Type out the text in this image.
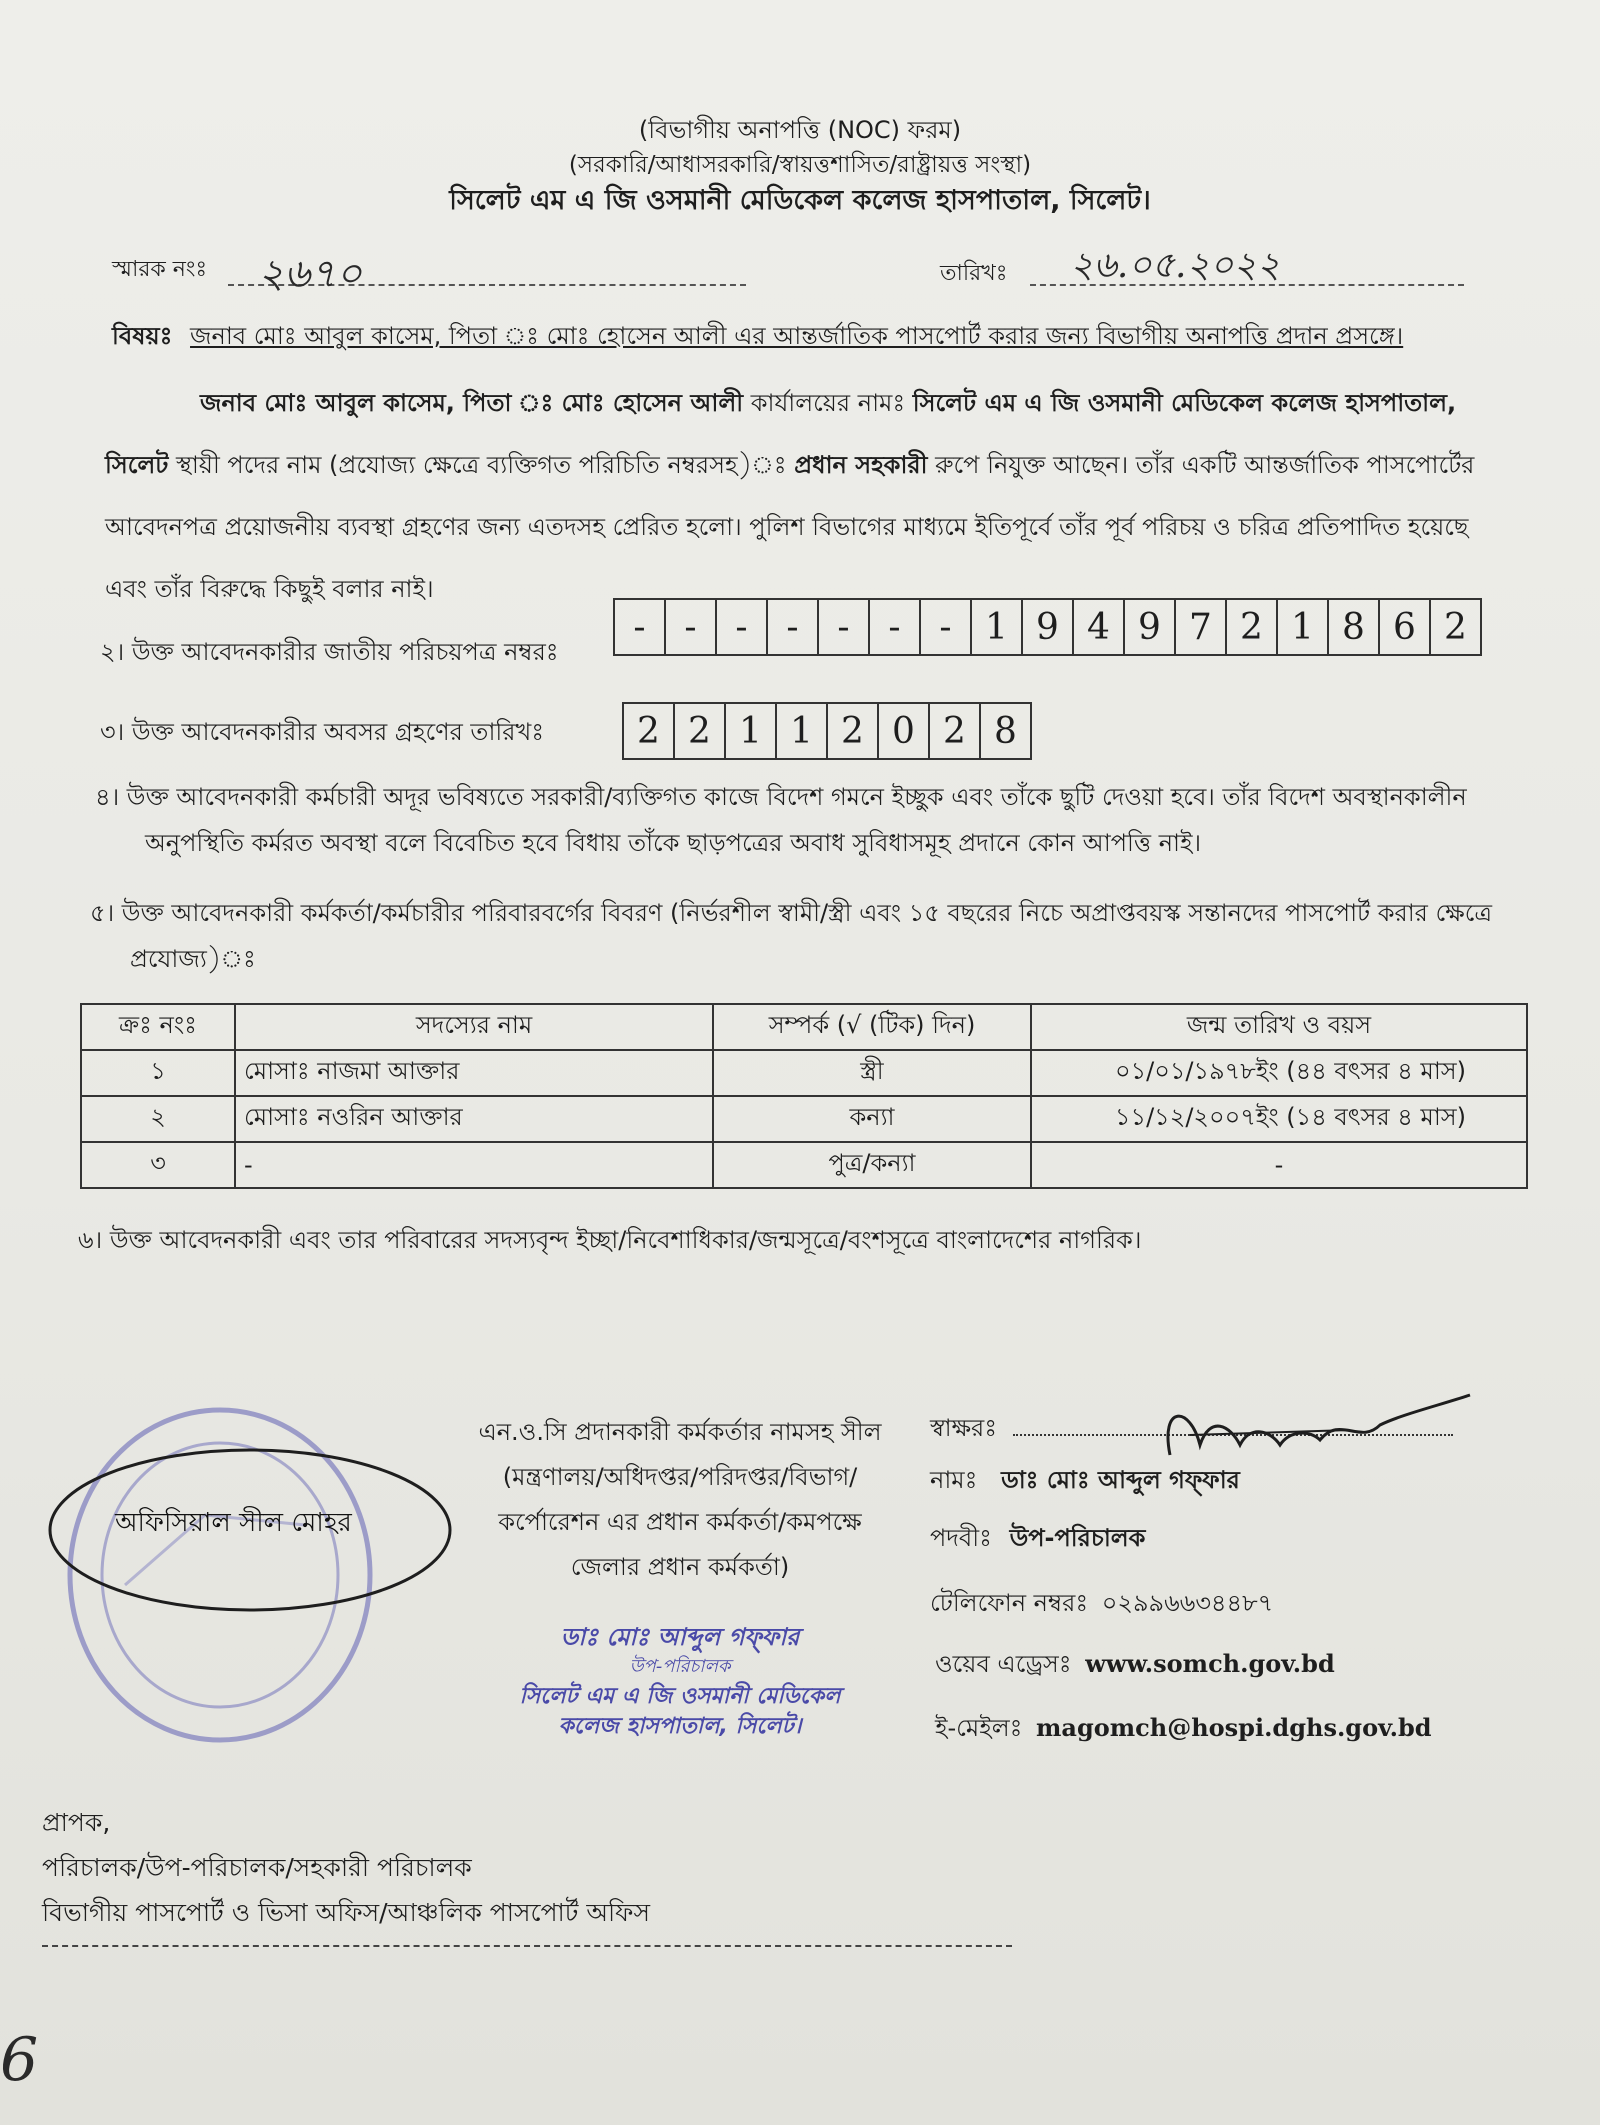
(বিভাগীয় অনাপত্তি (NOC) ফরম)
(সরকারি/আধাসরকারি/স্বায়ত্তশাসিত/রাষ্ট্রায়ত্ত সংস্থা)
সিলেট এম এ জি ওসমানী মেডিকেল কলেজ হাসপাতাল, সিলেট।
স্মারক নংঃ ২৬৭০	তারিখঃ ২৬.০৫.২০২২
বিষয়ঃ জনাব মোঃ আবুল কাসেম, পিতা ঃ মোঃ হোসেন আলী এর আন্তর্জাতিক পাসপোর্ট করার জন্য বিভাগীয় অনাপত্তি প্রদান প্রসঙ্গে।
জনাব মোঃ আবুল কাসেম, পিতা ঃ মোঃ হোসেন আলী কার্যালয়ের নামঃ সিলেট এম এ জি ওসমানী মেডিকেল কলেজ হাসপাতাল, সিলেট স্থায়ী পদের নাম (প্রযোজ্য ক্ষেত্রে ব্যক্তিগত পরিচিতি নম্বরসহ)ঃ প্রধান সহকারী রুপে নিযুক্ত আছেন। তাঁর একটি আন্তর্জাতিক পাসপোর্টের আবেদনপত্র প্রয়োজনীয় ব্যবস্থা গ্রহণের জন্য এতদসহ প্রেরিত হলো। পুলিশ বিভাগের মাধ্যমে ইতিপূর্বে তাঁর পূর্ব পরিচয় ও চরিত্র প্রতিপাদিত হয়েছে এবং তাঁর বিরুদ্ধে কিছুই বলার নাই।
২। উক্ত আবেদনকারীর জাতীয় পরিচয়পত্র নম্বরঃ
-	-	-	-	-	-	- 1 9 4 9 7 2 1 8 6 2
৩। উক্ত আবেদনকারীর অবসর গ্রহণের তারিখঃ	2 2 1 1 2 0 2 8
৪। উক্ত আবেদনকারী কর্মচারী অদূর ভবিষ্যতে সরকারী/ব্যক্তিগত কাজে বিদেশ গমনে ইচ্ছুক এবং তাঁকে ছুটি দেওয়া হবে। তাঁর বিদেশ অবস্থানকালীন অনুপস্থিতি কর্মরত অবস্থা বলে বিবেচিত হবে বিধায় তাঁকে ছাড়পত্রের অবাধ সুবিধাসমূহ প্রদানে কোন আপত্তি নাই।
৫। উক্ত আবেদনকারী কর্মকর্তা/কর্মচারীর পরিবারবর্গের বিবরণ (নির্ভরশীল স্বামী/স্ত্রী এবং ১৫ বছরের নিচে অপ্রাপ্তবয়স্ক সন্তানদের পাসপোর্ট করার ক্ষেত্রে প্রযোজ্য)ঃ
ক্রঃ নংঃ	সদস্যের নাম	সম্পর্ক (√ (টিক) দিন)	জন্ম তারিখ ও বয়স
১	মোসাঃ নাজমা আক্তার	স্ত্রী	০১/০১/১৯৭৮ইং (৪৪ বৎসর ৪ মাস)
২	মোসাঃ নওরিন আক্তার	কন্যা	১১/১২/২০০৭ইং (১৪ বৎসর ৪ মাস)
৩	-	পুত্র/কন্যা	-
৬। উক্ত আবেদনকারী এবং তার পরিবারের সদস্যবৃন্দ ইচ্ছা/নিবেশাধিকার/জন্মসূত্রে/বংশসূত্রে বাংলাদেশের নাগরিক।
অফিসিয়াল সীল মোহর
এন.ও.সি প্রদানকারী কর্মকর্তার নামসহ সীল (মন্ত্রণালয়/অধিদপ্তর/পরিদপ্তর/বিভাগ/ কর্পোরেশন এর প্রধান কর্মকর্তা/কমপক্ষে জেলার প্রধান কর্মকর্তা)
ডাঃ মোঃ আব্দুল গফ্ফার
উপ-পরিচালক
সিলেট এম এ জি ওসমানী মেডিকেল
কলেজ হাসপাতাল, সিলেট।
স্বাক্ষরঃ
নামঃ ডাঃ মোঃ আব্দুল গফ্ফার
পদবীঃ উপ-পরিচালক
টেলিফোন নম্বরঃ ০২৯৯৬৬৩৪৪৮৭
ওয়েব এড্রেসঃ www.somch.gov.bd
ই-মেইলঃ magomch@hospi.dghs.gov.bd
প্রাপক,
পরিচালক/উপ-পরিচালক/সহকারী পরিচালক
বিভাগীয় পাসপোর্ট ও ভিসা অফিস/আঞ্চলিক পাসপোর্ট অফিস
6
